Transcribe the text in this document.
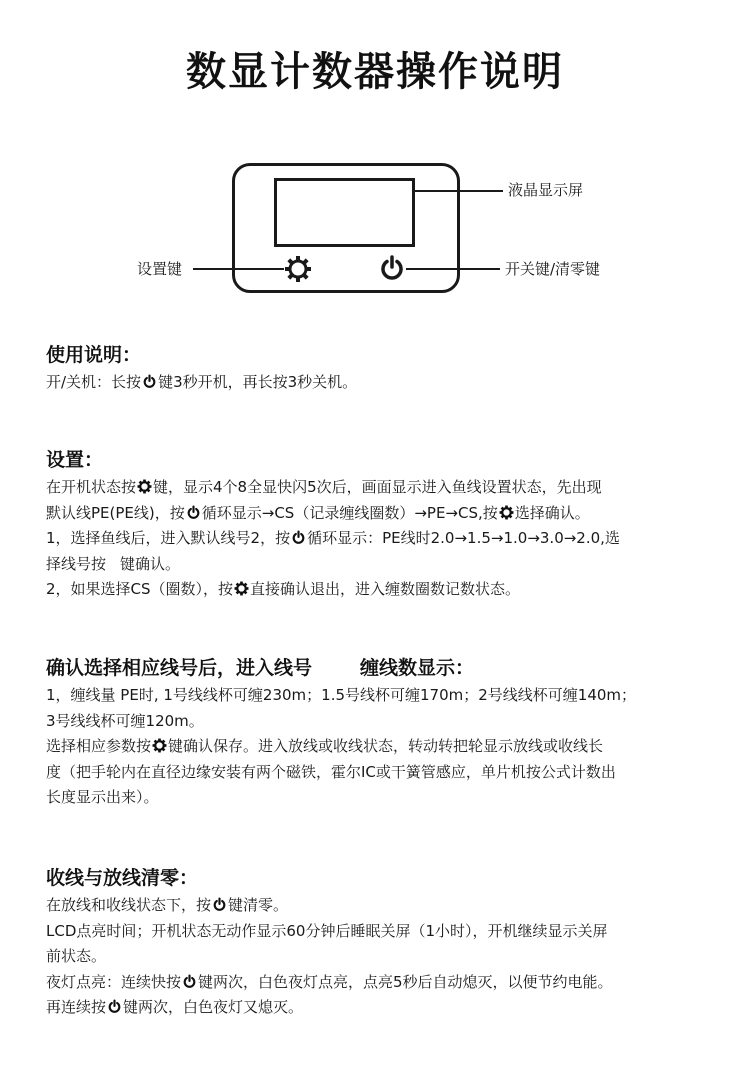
数显计数器操作说明
液晶显示屏
设置键	开关键/清零键
使用说明：

开/关机：长按 键3秒开机，再长按3秒关机。

设置：

在开机状态按 键，显示4个8全显快闪5次后，画面显示进入鱼线设置状态，先出现

默认线PE(PE线)，按 循环显示→CS（记录缠线圈数）→PE→CS,按 选择确认。

1，选择鱼线后，进入默认线号2，按 循环显示：PE线时2.0→1.5→1.0→3.0→2.0,选

择线号按 键确认。

2，如果选择CS（圈数），按 直接确认退出，进入缠数圈数记数状态。

确认选择相应线号后，进入线号	缠线数显示：

1，缠线量 PE时, 1号线线杯可缠230m；1.5号线杯可缠170m；2号线线杯可缠140m；

3号线线杯可缠120m。

选择相应参数按 键确认保存。进入放线或收线状态，转动转把轮显示放线或收线长

度（把手轮内在直径边缘安装有两个磁铁，霍尔IC或干簧管感应，单片机按公式计数出

长度显示出来）。

收线与放线清零：

在放线和收线状态下，按 键清零。

LCD点亮时间；开机状态无动作显示60分钟后睡眠关屏（1小时），开机继续显示关屏

前状态。

夜灯点亮：连续快按 键两次，白色夜灯点亮，点亮5秒后自动熄灭，以便节约电能。

再连续按 键两次，白色夜灯又熄灭。
